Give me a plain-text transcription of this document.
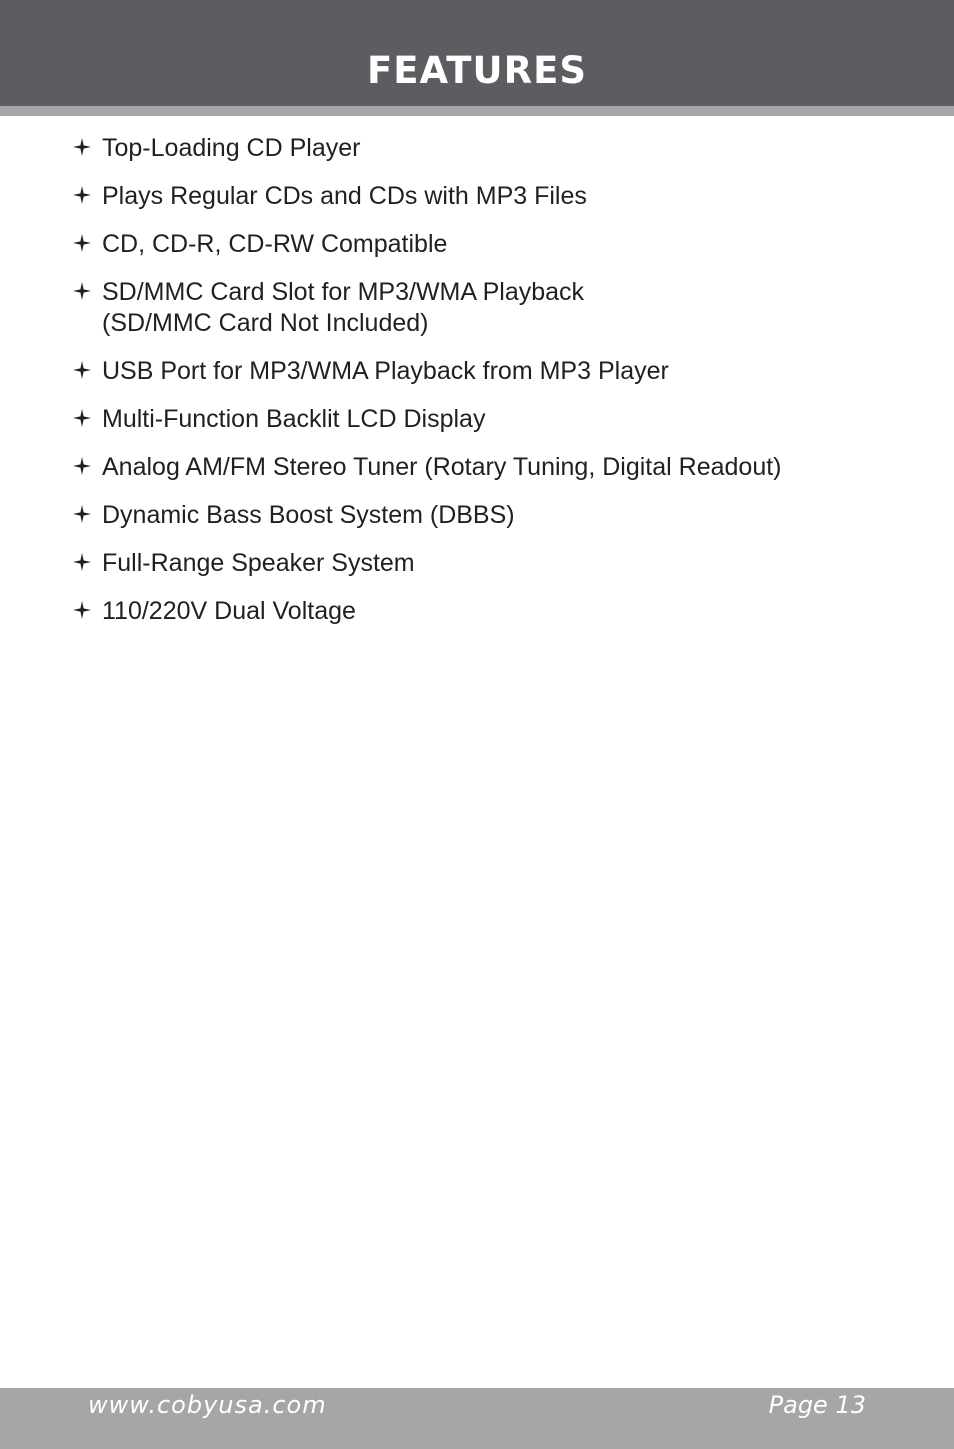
FEATURES
Top-Loading CD Player
Plays Regular CDs and CDs with MP3 Files
CD, CD-R, CD-RW Compatible
SD/MMC Card Slot for MP3/WMA Playback
(SD/MMC Card Not Included)
USB Port for MP3/WMA Playback from MP3 Player
Multi-Function Backlit LCD Display
Analog AM/FM Stereo Tuner (Rotary Tuning, Digital Readout)
Dynamic Bass Boost System (DBBS)
Full-Range Speaker System
110/220V Dual Voltage
www.cobyusa.com	Page 13
